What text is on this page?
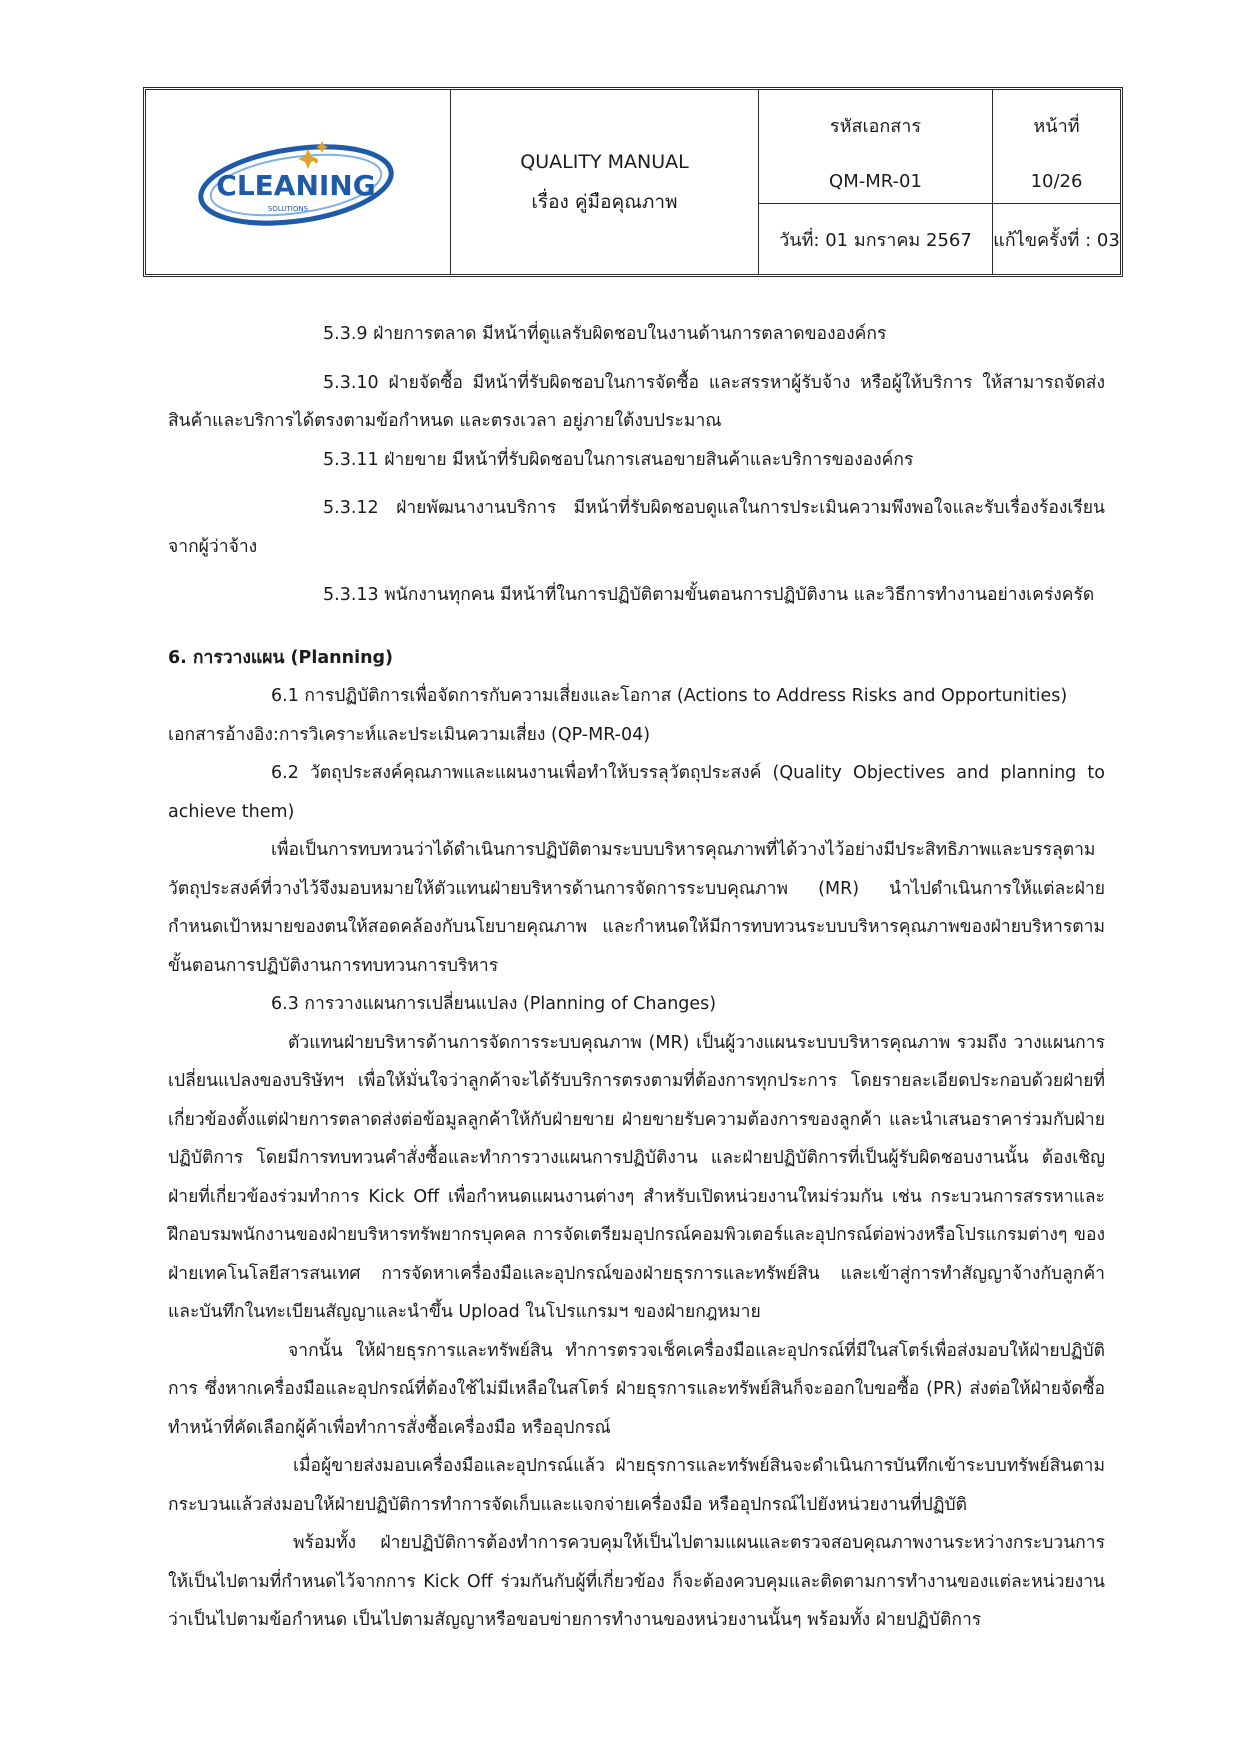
CLEANING
SOLUTIONS
QUALITY MANUAL
เรื่อง คู่มือคุณภาพ
รหัสเอกสาร
QM-MR-01
วันที่: 01 มกราคม 2567
หน้าที่
10/26
แก้ไขครั้งที่ : 03

5.3.9 ฝ่ายการตลาด มีหน้าที่ดูแลรับผิดชอบในงานด้านการตลาดขององค์กร

5.3.10 ฝ่ายจัดซื้อ มีหน้าที่รับผิดชอบในการจัดซื้อ และสรรหาผู้รับจ้าง หรือผู้ให้บริการ ให้สามารถจัดส่งสินค้าและบริการได้ตรงตามข้อกำหนด และตรงเวลา อยู่ภายใต้งบประมาณ

5.3.11 ฝ่ายขาย มีหน้าที่รับผิดชอบในการเสนอขายสินค้าและบริการขององค์กร

5.3.12 ฝ่ายพัฒนางานบริการ มีหน้าที่รับผิดชอบดูแลในการประเมินความพึงพอใจและรับเรื่องร้องเรียนจากผู้ว่าจ้าง

5.3.13 พนักงานทุกคน มีหน้าที่ในการปฏิบัติตามขั้นตอนการปฏิบัติงาน และวิธีการทำงานอย่างเคร่งครัด

6. การวางแผน (Planning)

6.1 การปฏิบัติการเพื่อจัดการกับความเสี่ยงและโอกาส (Actions to Address Risks and Opportunities)

เอกสารอ้างอิง:การวิเคราะห์และประเมินความเสี่ยง (QP-MR-04)

6.2 วัตถุประสงค์คุณภาพและแผนงานเพื่อทำให้บรรลุวัตถุประสงค์ (Quality Objectives and planning to achieve them)

เพื่อเป็นการทบทวนว่าได้ดำเนินการปฏิบัติตามระบบบริหารคุณภาพที่ได้วางไว้อย่างมีประสิทธิภาพและบรรลุตามวัตถุประสงค์ที่วางไว้จึงมอบหมายให้ตัวแทนฝ่ายบริหารด้านการจัดการระบบคุณภาพ (MR) นำไปดำเนินการให้แต่ละฝ่ายกำหนดเป้าหมายของตนให้สอดคล้องกับนโยบายคุณภาพ และกำหนดให้มีการทบทวนระบบบริหารคุณภาพของฝ่ายบริหารตามขั้นตอนการปฏิบัติงานการทบทวนการบริหาร

6.3 การวางแผนการเปลี่ยนแปลง (Planning of Changes)

ตัวแทนฝ่ายบริหารด้านการจัดการระบบคุณภาพ (MR) เป็นผู้วางแผนระบบบริหารคุณภาพ รวมถึง วางแผนการเปลี่ยนแปลงของบริษัทฯ เพื่อให้มั่นใจว่าลูกค้าจะได้รับบริการตรงตามที่ต้องการทุกประการ โดยรายละเอียดประกอบด้วยฝ่ายที่เกี่ยวข้องตั้งแต่ฝ่ายการตลาดส่งต่อข้อมูลลูกค้าให้กับฝ่ายขาย ฝ่ายขายรับความต้องการของลูกค้า และนำเสนอราคาร่วมกับฝ่ายปฏิบัติการ โดยมีการทบทวนคำสั่งซื้อและทำการวางแผนการปฏิบัติงาน และฝ่ายปฏิบัติการที่เป็นผู้รับผิดชอบงานนั้น ต้องเชิญฝ่ายที่เกี่ยวข้องร่วมทำการ Kick Off เพื่อกำหนดแผนงานต่างๆ สำหรับเปิดหน่วยงานใหม่ร่วมกัน เช่น กระบวนการสรรหาและฝึกอบรมพนักงานของฝ่ายบริหารทรัพยากรบุคคล การจัดเตรียมอุปกรณ์คอมพิวเตอร์และอุปกรณ์ต่อพ่วงหรือโปรแกรมต่างๆ ของฝ่ายเทคโนโลยีสารสนเทศ การจัดหาเครื่องมือและอุปกรณ์ของฝ่ายธุรการและทรัพย์สิน และเข้าสู่การทำสัญญาจ้างกับลูกค้าและบันทึกในทะเบียนสัญญาและนำขึ้น Upload ในโปรแกรมฯ ของฝ่ายกฎหมาย

จากนั้น ให้ฝ่ายธุรการและทรัพย์สิน ทำการตรวจเช็คเครื่องมือและอุปกรณ์ที่มีในสโตร์เพื่อส่งมอบให้ฝ่ายปฏิบัติการ ซึ่งหากเครื่องมือและอุปกรณ์ที่ต้องใช้ไม่มีเหลือในสโตร์ ฝ่ายธุรการและทรัพย์สินก็จะออกใบขอซื้อ (PR) ส่งต่อให้ฝ่ายจัดซื้อทำหน้าที่คัดเลือกผู้ค้าเพื่อทำการสั่งซื้อเครื่องมือ หรืออุปกรณ์

เมื่อผู้ขายส่งมอบเครื่องมือและอุปกรณ์แล้ว ฝ่ายธุรการและทรัพย์สินจะดำเนินการบันทึกเข้าระบบทรัพย์สินตามกระบวนแล้วส่งมอบให้ฝ่ายปฏิบัติการทำการจัดเก็บและแจกจ่ายเครื่องมือ หรืออุปกรณ์ไปยังหน่วยงานที่ปฏิบัติ

พร้อมทั้ง ฝ่ายปฏิบัติการต้องทำการควบคุมให้เป็นไปตามแผนและตรวจสอบคุณภาพงานระหว่างกระบวนการให้เป็นไปตามที่กำหนดไว้จากการ Kick Off ร่วมกันกับผู้ที่เกี่ยวข้อง ก็จะต้องควบคุมและติดตามการทำงานของแต่ละหน่วยงานว่าเป็นไปตามข้อกำหนด เป็นไปตามสัญญาหรือขอบข่ายการทำงานของหน่วยงานนั้นๆ พร้อมทั้ง ฝ่ายปฏิบัติการ
